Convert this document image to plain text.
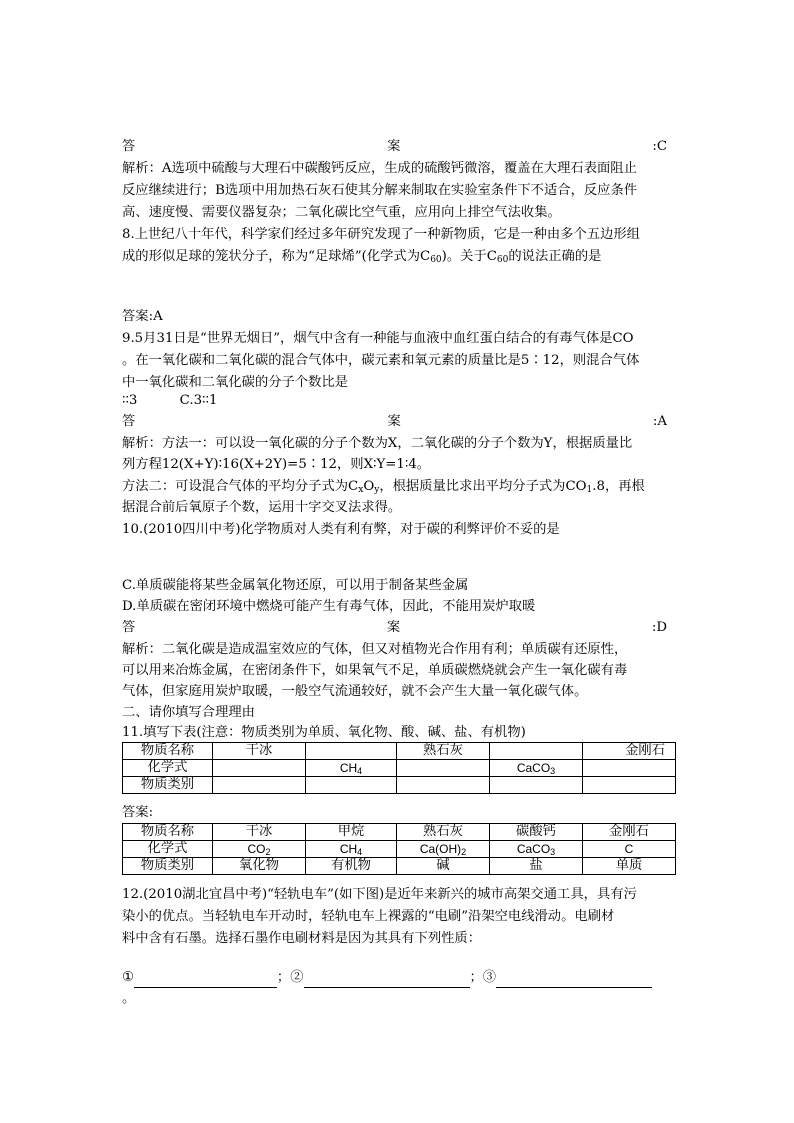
答	案	:C
解析：A选项中硫酸与大理石中碳酸钙反应，生成的硫酸钙微溶，覆盖在大理石表面阻止
反应继续进行；B选项中用加热石灰石使其分解来制取在实验室条件下不适合，反应条件
高、速度慢、需要仪器复杂；二氧化碳比空气重，应用向上排空气法收集。
8.上世纪八十年代，科学家们经过多年研究发现了一种新物质，它是一种由多个五边形组
成的形似足球的笼状分子，称为“足球烯”(化学式为$C_{60}$)。关于$C_{60}$的说法正确的是
答案:A
9.5月31日是“世界无烟日”，烟气中含有一种能与血液中血红蛋白结合的有毒气体是CO
。在一氧化碳和二氧化碳的混合气体中，碳元素和氧元素的质量比是5∶12，则混合气体
中一氧化碳和二氧化碳的分子个数比是
∶∶3          C.3∶∶1
答	案	:A
解析：方法一：可以设一氧化碳的分子个数为X，二氧化碳的分子个数为Y，根据质量比
列方程12(X+Y)∶16(X+2Y)=5∶12，则X∶Y=1∶4。
方法二：可设混合气体的平均分子式为$C_xO_y$，根据质量比求出平均分子式为$CO_1.8$，再根
据混合前后氧原子个数，运用十字交叉法求得。
10.(2010四川中考)化学物质对人类有利有弊，对于碳的利弊评价不妥的是
C.单质碳能将某些金属氧化物还原，可以用于制备某些金属
D.单质碳在密闭环境中燃烧可能产生有毒气体，因此，不能用炭炉取暖
答	案	:D
解析：二氧化碳是造成温室效应的气体，但又对植物光合作用有利；单质碳有还原性，
可以用来冶炼金属，在密闭条件下，如果氧气不足，单质碳燃烧就会产生一氧化碳有毒
气体，但家庭用炭炉取暖，一般空气流通较好，就不会产生大量一氧化碳气体。
二、请你填写合理理由
11.填写下表(注意：物质类别为单质、氧化物、酸、碱、盐、有机物)
物质名称	干冰		熟石灰		金刚石
化学式		$CH_4$		CaCO$_3$	
物质类别					
答案:
物质名称	干冰	甲烷	熟石灰	碳酸钙	金刚石
化学式	$CO_2$	$CH_4$	$Ca(OH)_2$	CaCO$_3$	C
物质类别	氧化物	有机物	碱	盐	单质
12.(2010湖北宜昌中考)“轻轨电车”(如下图)是近年来新兴的城市高架交通工具，具有污
染小的优点。当轻轨电车开动时，轻轨电车上裸露的“电刷”沿架空电线滑动。电刷材
料中含有石墨。选择石墨作电刷材料是因为其具有下列性质：
①	；②	；③
。
